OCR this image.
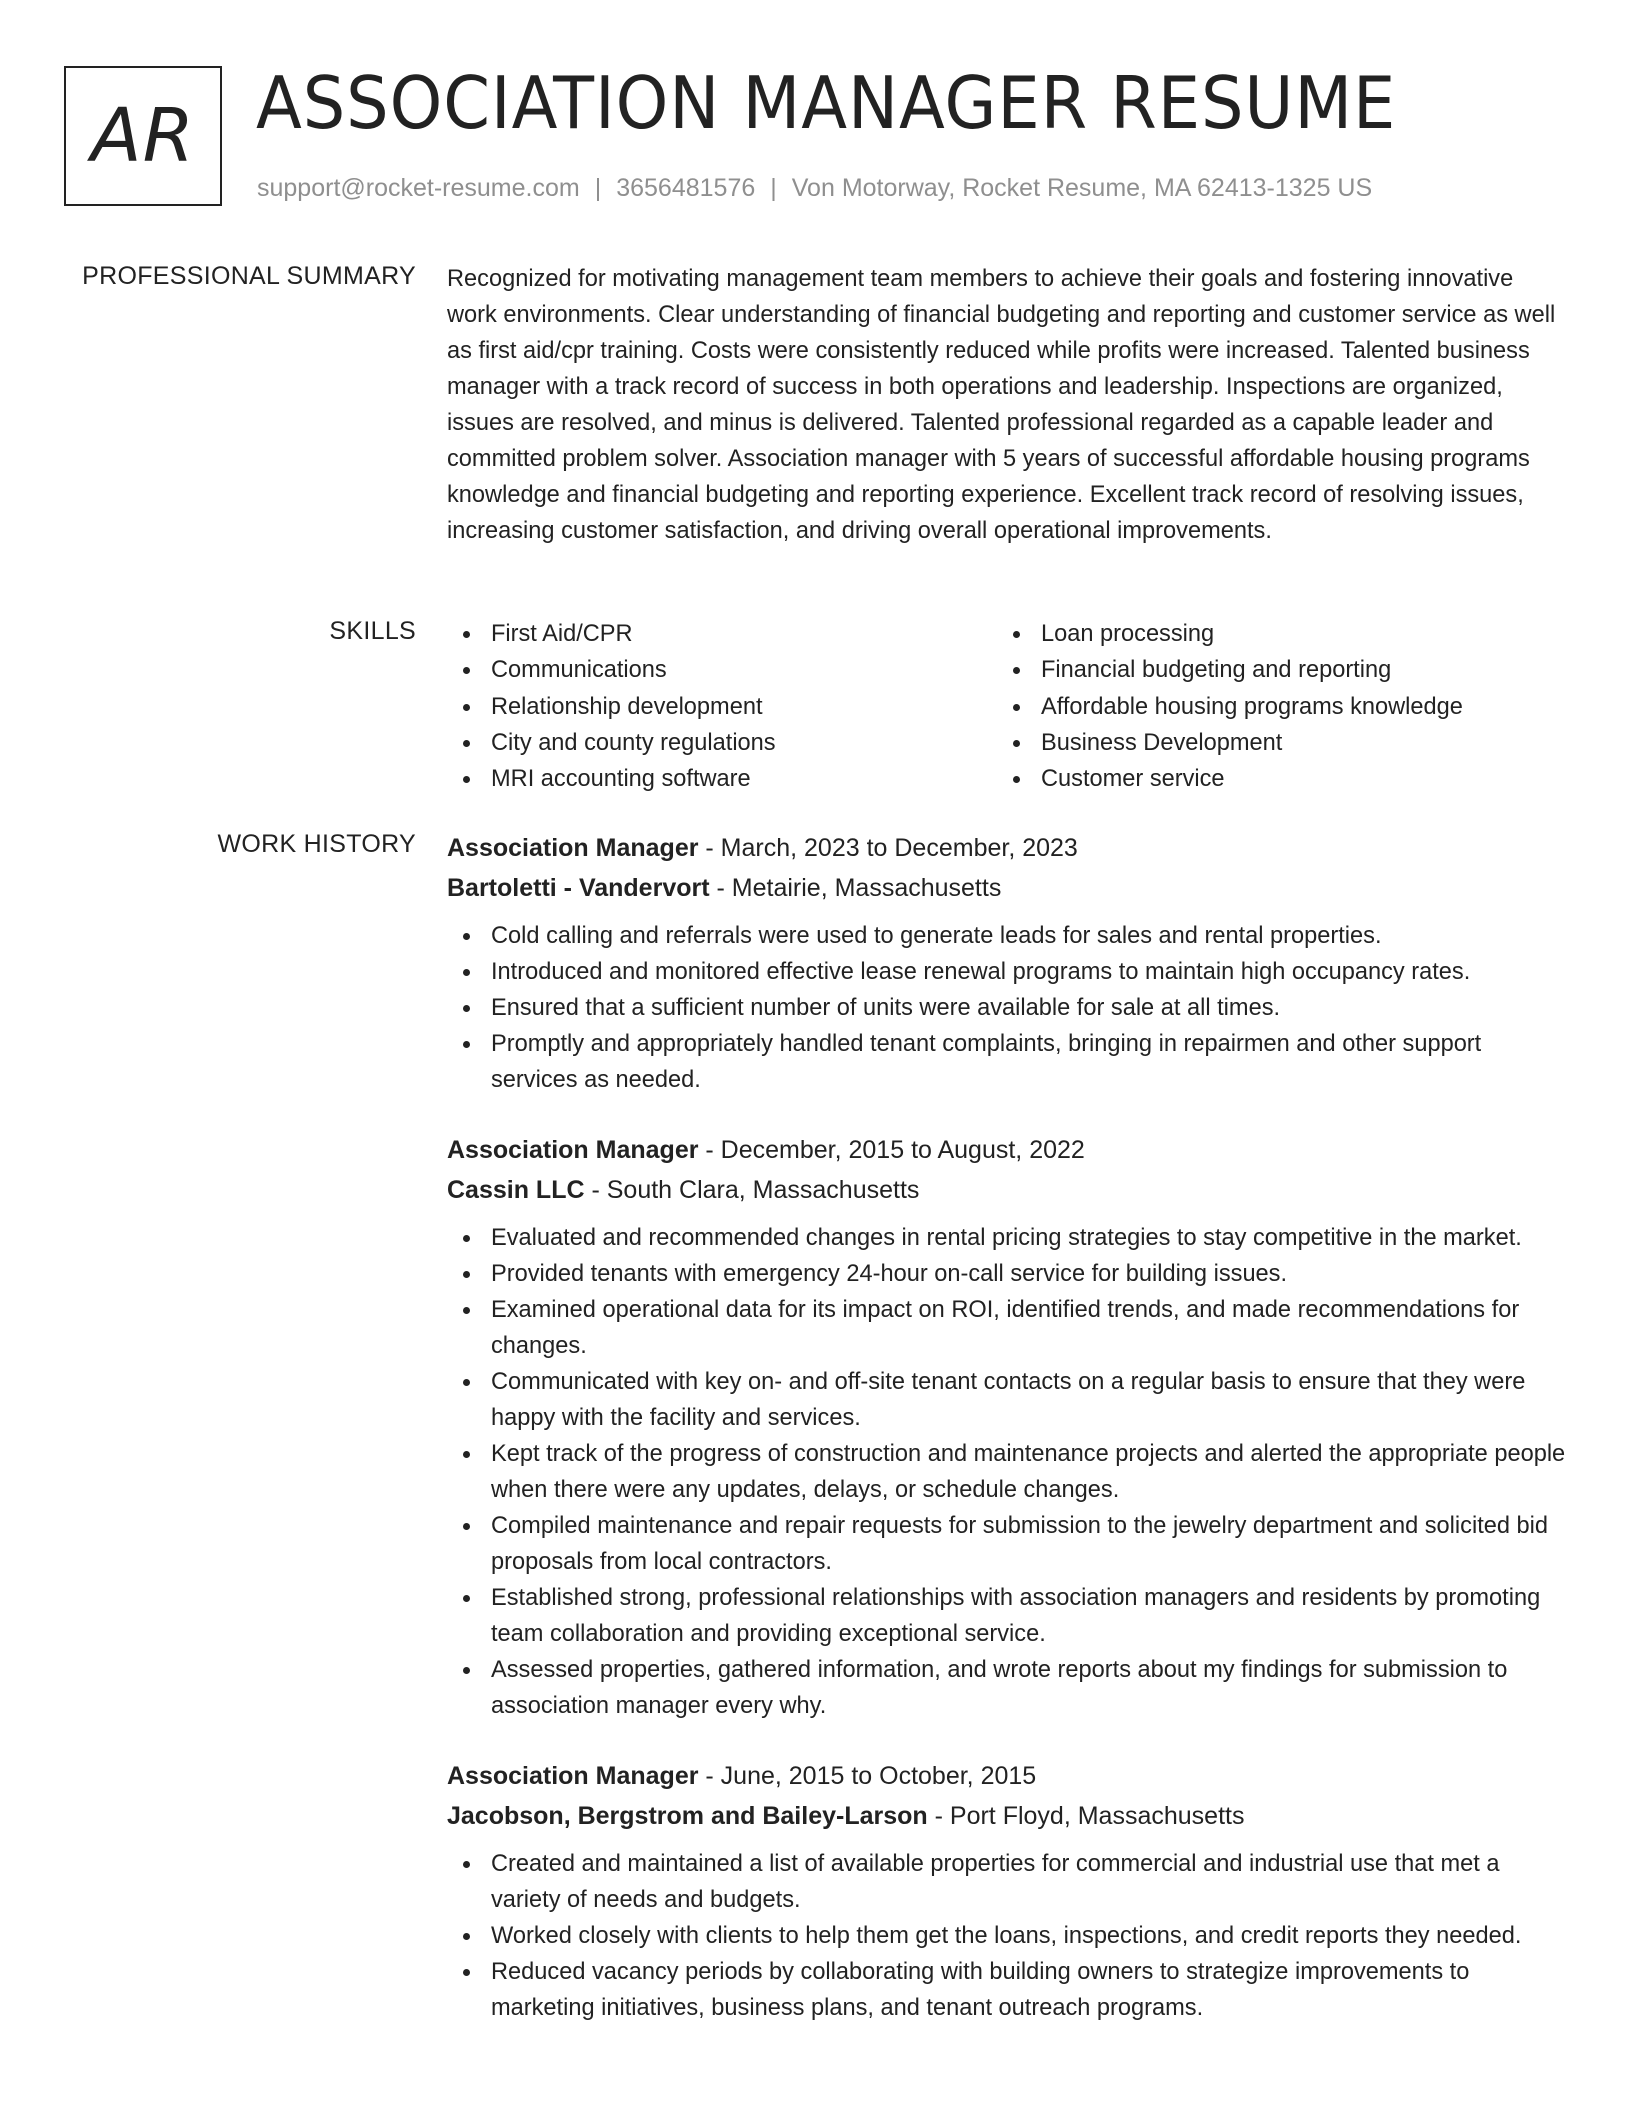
AR ASSOCIATION MANAGER RESUME
support@rocket-resume.com | 3656481576 | Von Motorway, Rocket Resume, MA 62413-1325 US
PROFESSIONAL SUMMARY Recognized for motivating management team members to achieve their goals and fostering innovative work environments. Clear understanding of financial budgeting and reporting and customer service as well as first aid/cpr training. Costs were consistently reduced while profits were increased. Talented business manager with a track record of success in both operations and leadership. Inspections are organized, issues are resolved, and minus is delivered. Talented professional regarded as a capable leader and committed problem solver. Association manager with 5 years of successful affordable housing programs knowledge and financial budgeting and reporting experience. Excellent track record of resolving issues, increasing customer satisfaction, and driving overall operational improvements.

SKILLS	First Aid/CPR
Communications
Relationship development
City and county regulations
MRI accounting software
Loan processing
Financial budgeting and reporting
Affordable housing programs knowledge
Business Development
Customer service
WORK HISTORY Association Manager - March, 2023 to December, 2023
Bartoletti - Vandervort - Metairie, Massachusetts
Cold calling and referrals were used to generate leads for sales and rental properties.
Introduced and monitored effective lease renewal programs to maintain high occupancy rates.
Ensured that a sufficient number of units were available for sale at all times.
Promptly and appropriately handled tenant complaints, bringing in repairmen and other support services as needed.
Association Manager - December, 2015 to August, 2022
Cassin LLC - South Clara, Massachusetts
Evaluated and recommended changes in rental pricing strategies to stay competitive in the market.
Provided tenants with emergency 24-hour on-call service for building issues.
Examined operational data for its impact on ROI, identified trends, and made recommendations for changes.
Communicated with key on- and off-site tenant contacts on a regular basis to ensure that they were happy with the facility and services.
Kept track of the progress of construction and maintenance projects and alerted the appropriate people when there were any updates, delays, or schedule changes.
Compiled maintenance and repair requests for submission to the jewelry department and solicited bid proposals from local contractors.
Established strong, professional relationships with association managers and residents by promoting team collaboration and providing exceptional service.
Assessed properties, gathered information, and wrote reports about my findings for submission to association manager every why.
Association Manager - June, 2015 to October, 2015
Jacobson, Bergstrom and Bailey-Larson - Port Floyd, Massachusetts
Created and maintained a list of available properties for commercial and industrial use that met a variety of needs and budgets.
Worked closely with clients to help them get the loans, inspections, and credit reports they needed.
Reduced vacancy periods by collaborating with building owners to strategize improvements to marketing initiatives, business plans, and tenant outreach programs.
